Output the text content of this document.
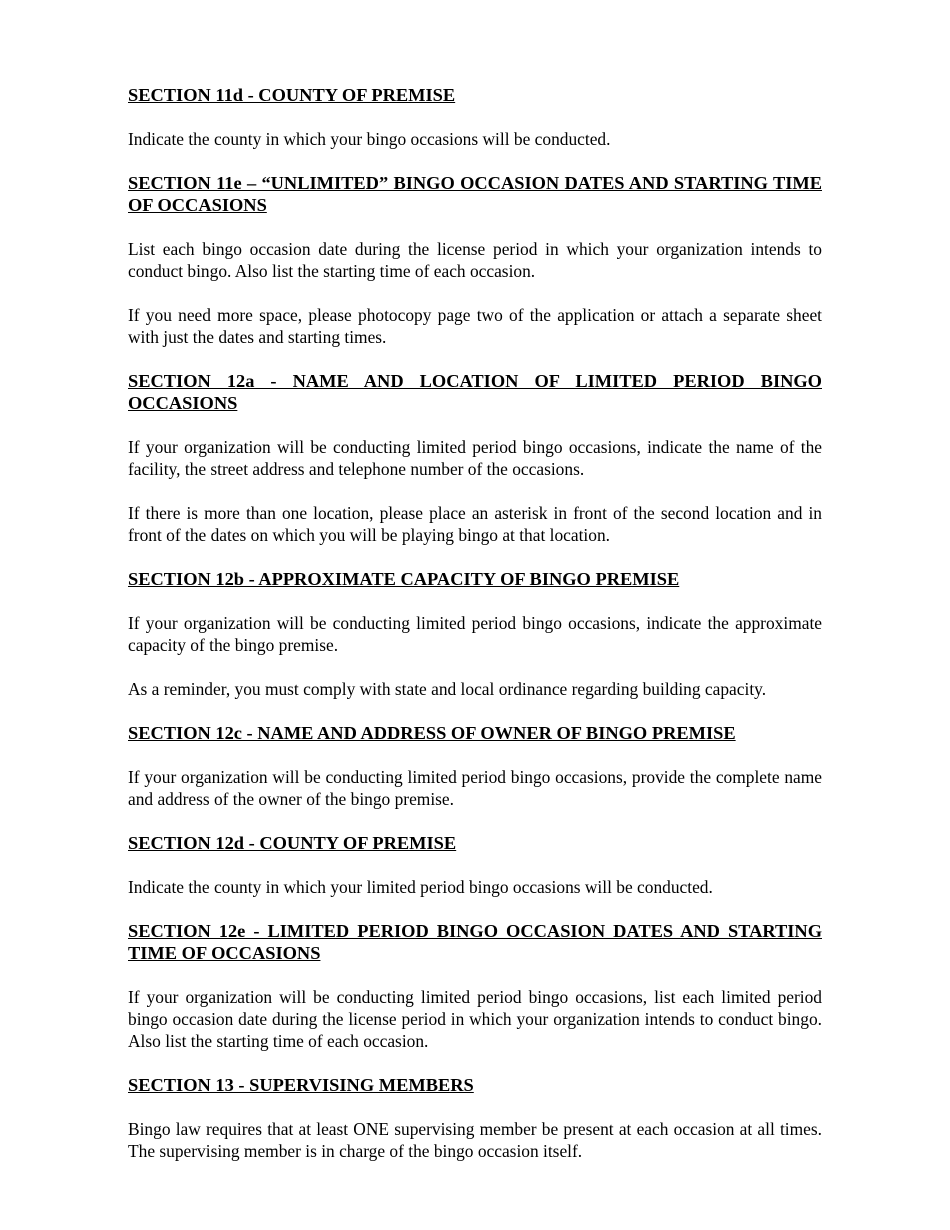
SECTION 11d - COUNTY OF PREMISE

Indicate the county in which your bingo occasions will be conducted.

SECTION 11e – “UNLIMITED” BINGO OCCASION DATES AND STARTING TIME OF OCCASIONS

List each bingo occasion date during the license period in which your organization intends to conduct bingo. Also list the starting time of each occasion.

If you need more space, please photocopy page two of the application or attach a separate sheet with just the dates and starting times.

SECTION 12a - NAME AND LOCATION OF LIMITED PERIOD BINGO OCCASIONS

If your organization will be conducting limited period bingo occasions, indicate the name of the facility, the street address and telephone number of the occasions.

If there is more than one location, please place an asterisk in front of the second location and in front of the dates on which you will be playing bingo at that location.

SECTION 12b - APPROXIMATE CAPACITY OF BINGO PREMISE

If your organization will be conducting limited period bingo occasions, indicate the approximate capacity of the bingo premise.

As a reminder, you must comply with state and local ordinance regarding building capacity.

SECTION 12c - NAME AND ADDRESS OF OWNER OF BINGO PREMISE

If your organization will be conducting limited period bingo occasions, provide the complete name and address of the owner of the bingo premise.

SECTION 12d - COUNTY OF PREMISE

Indicate the county in which your limited period bingo occasions will be conducted.

SECTION 12e - LIMITED PERIOD BINGO OCCASION DATES AND STARTING TIME OF OCCASIONS

If your organization will be conducting limited period bingo occasions, list each limited period bingo occasion date during the license period in which your organization intends to conduct bingo. Also list the starting time of each occasion.

SECTION 13 - SUPERVISING MEMBERS

Bingo law requires that at least ONE supervising member be present at each occasion at all times. The supervising member is in charge of the bingo occasion itself.
